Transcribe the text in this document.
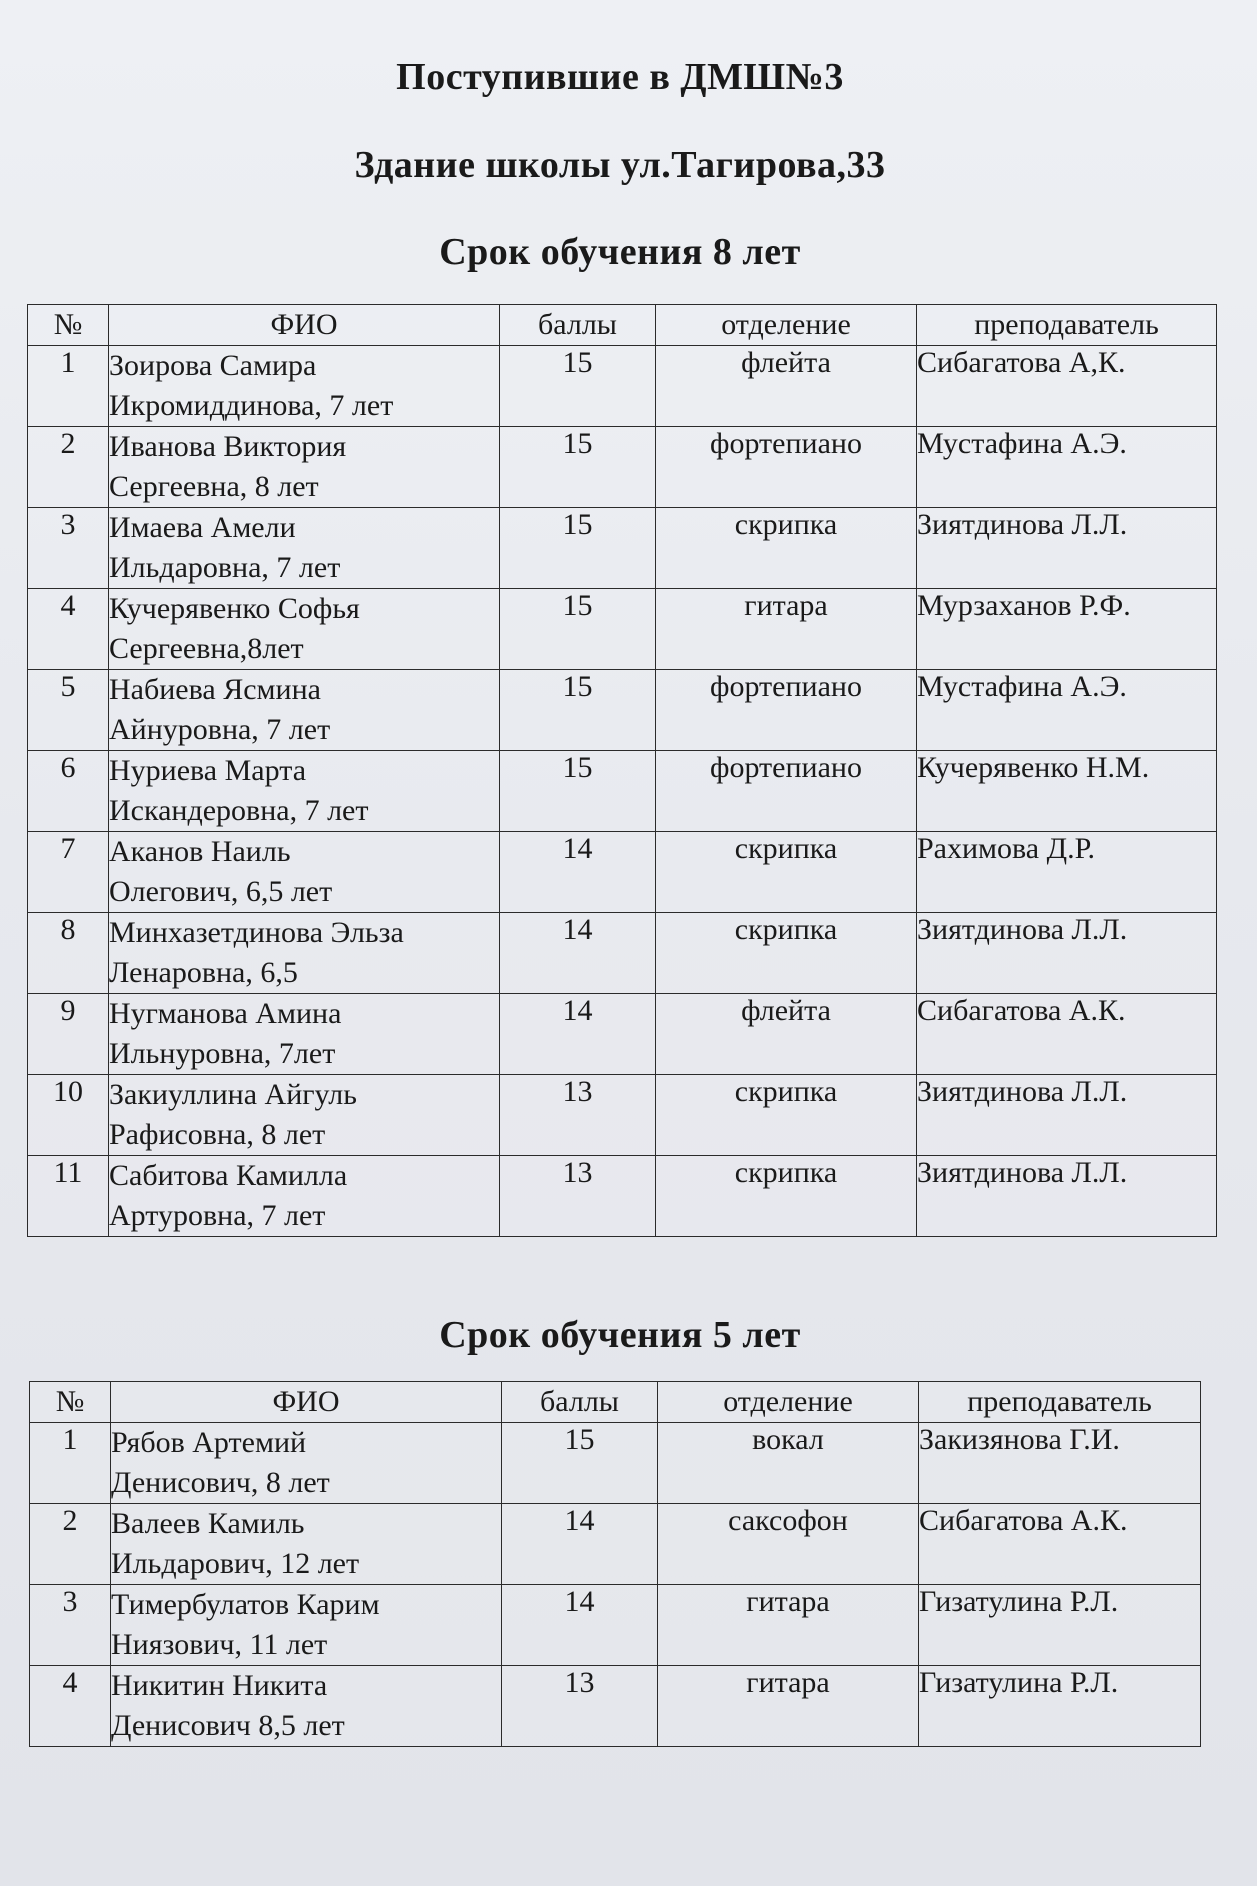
Поступившие в ДМШ№3
Здание школы ул.Тагирова,33
Срок обучения 8 лет
№	ФИО	баллы	отделение	преподаватель
1	Зоирова Самира
Икромиддинова, 7 лет	15	флейта	Сибагатова А,К.
2	Иванова Виктория
Сергеевна, 8 лет	15	фортепиано	Мустафина А.Э.
3	Имаева Амели
Ильдаровна, 7 лет	15	скрипка	Зиятдинова Л.Л.
4	Кучерявенко Софья
Сергеевна,8лет	15	гитара	Мурзаханов Р.Ф.
5	Набиева Ясмина
Айнуровна, 7 лет	15	фортепиано	Мустафина А.Э.
6	Нуриева Марта
Искандеровна, 7 лет	15	фортепиано	Кучерявенко Н.М.
7	Аканов Наиль
Олегович, 6,5 лет	14	скрипка	Рахимова Д.Р.
8	Минхазетдинова Эльза
Ленаровна, 6,5	14	скрипка	Зиятдинова Л.Л.
9	Нугманова Амина
Ильнуровна, 7лет	14	флейта	Сибагатова А.К.
10	Закиуллина Айгуль
Рафисовна, 8 лет	13	скрипка	Зиятдинова Л.Л.
11	Сабитова Камилла
Артуровна, 7 лет	13	скрипка	Зиятдинова Л.Л.
Срок обучения 5 лет
№	ФИО	баллы	отделение	преподаватель
1	Рябов Артемий
Денисович, 8 лет	15	вокал	Закизянова Г.И.
2	Валеев Камиль
Ильдарович, 12 лет	14	саксофон	Сибагатова А.К.
3	Тимербулатов Карим
Ниязович, 11 лет	14	гитара	Гизатулина Р.Л.
4	Никитин Никита
Денисович 8,5 лет	13	гитара	Гизатулина Р.Л.
